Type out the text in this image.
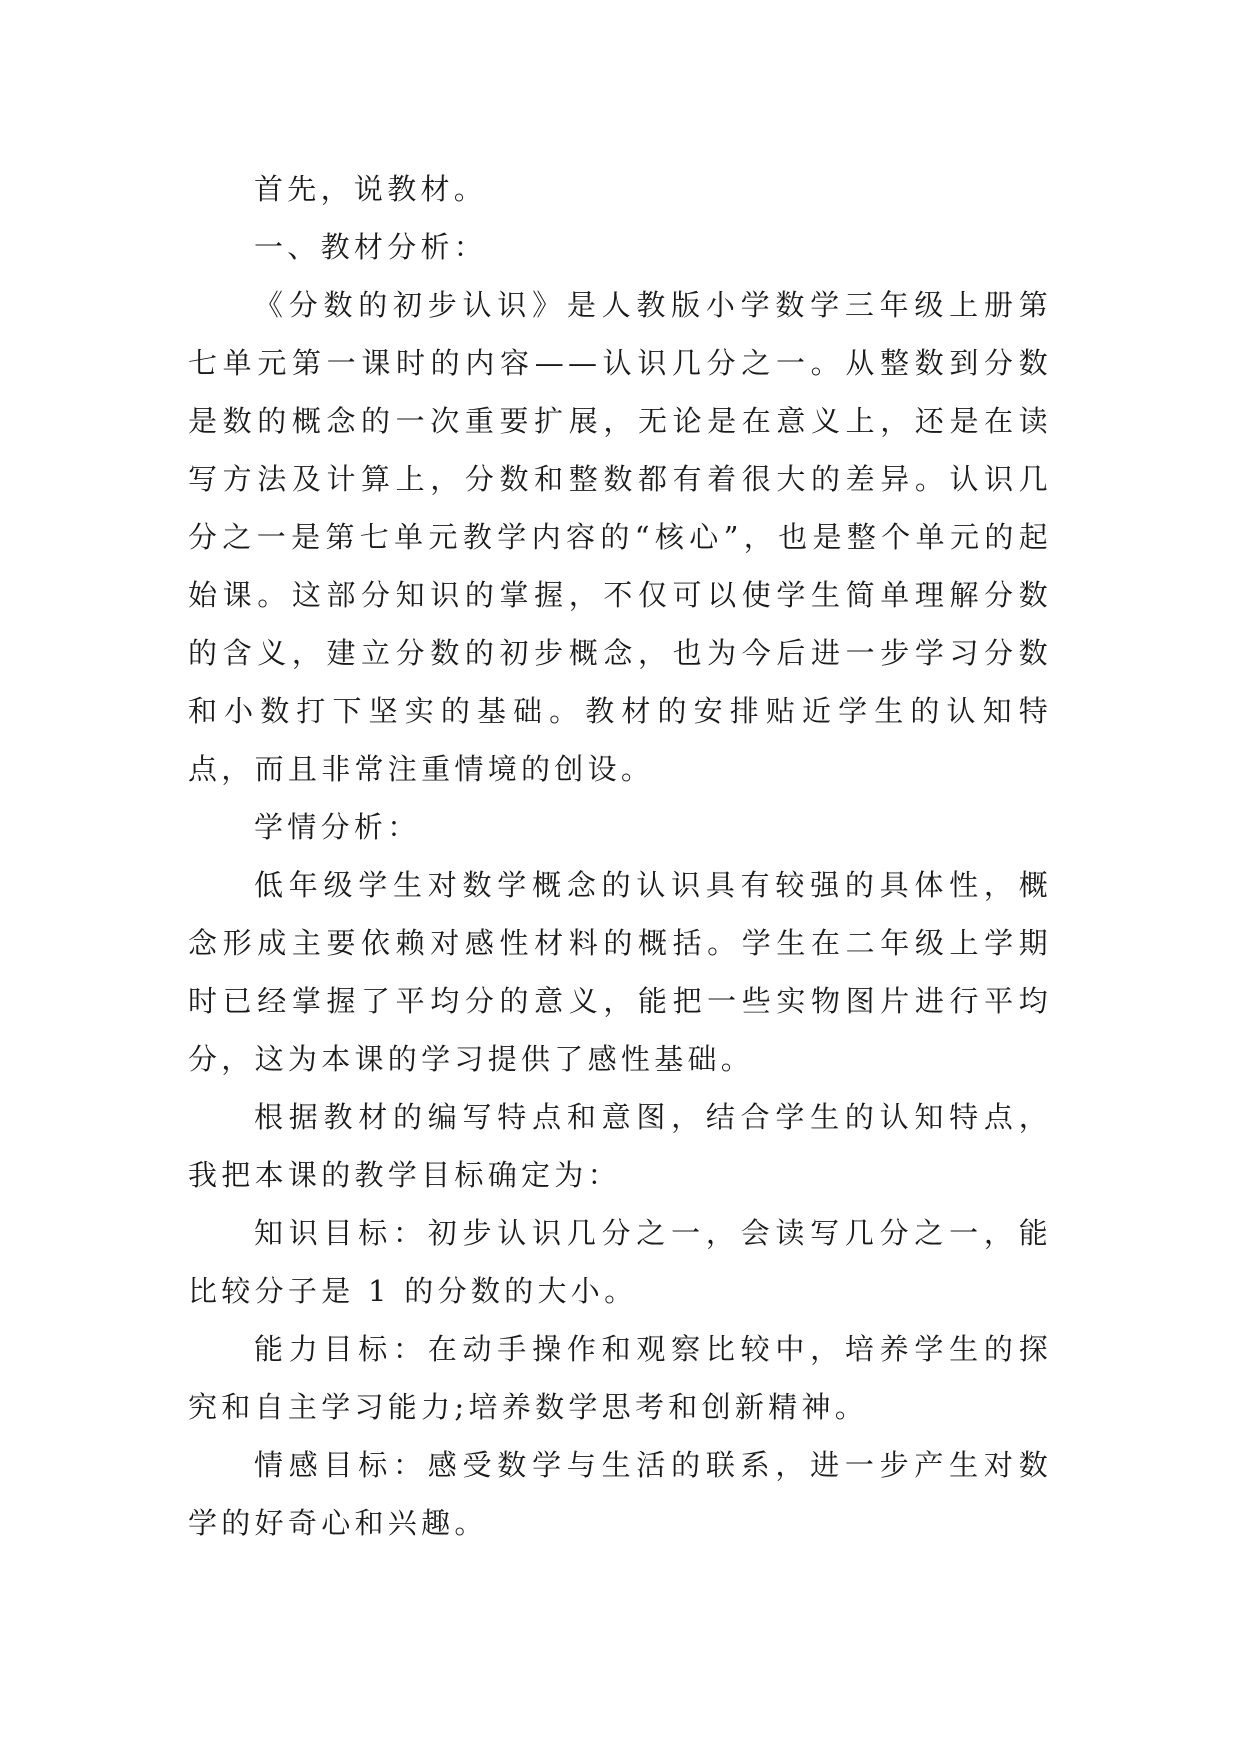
首先，说教材。

一、教材分析：

《分数的初步认识》是人教版小学数学三年级上册第七单元第一课时的内容——认识几分之一。从整数到分数是数的概念的一次重要扩展，无论是在意义上，还是在读写方法及计算上，分数和整数都有着很大的差异。认识几分之一是第七单元教学内容的“核心”，也是整个单元的起始课。这部分知识的掌握，不仅可以使学生简单理解分数的含义，建立分数的初步概念，也为今后进一步学习分数和小数打下坚实的基础。教材的安排贴近学生的认知特点，而且非常注重情境的创设。

学情分析：

低年级学生对数学概念的认识具有较强的具体性，概念形成主要依赖对感性材料的概括。学生在二年级上学期时已经掌握了平均分的意义，能把一些实物图片进行平均分，这为本课的学习提供了感性基础。

根据教材的编写特点和意图，结合学生的认知特点，我把本课的教学目标确定为：

知识目标：初步认识几分之一，会读写几分之一，能比较分子是 1 的分数的大小。

能力目标：在动手操作和观察比较中，培养学生的探究和自主学习能力;培养数学思考和创新精神。

情感目标：感受数学与生活的联系，进一步产生对数学的好奇心和兴趣。
